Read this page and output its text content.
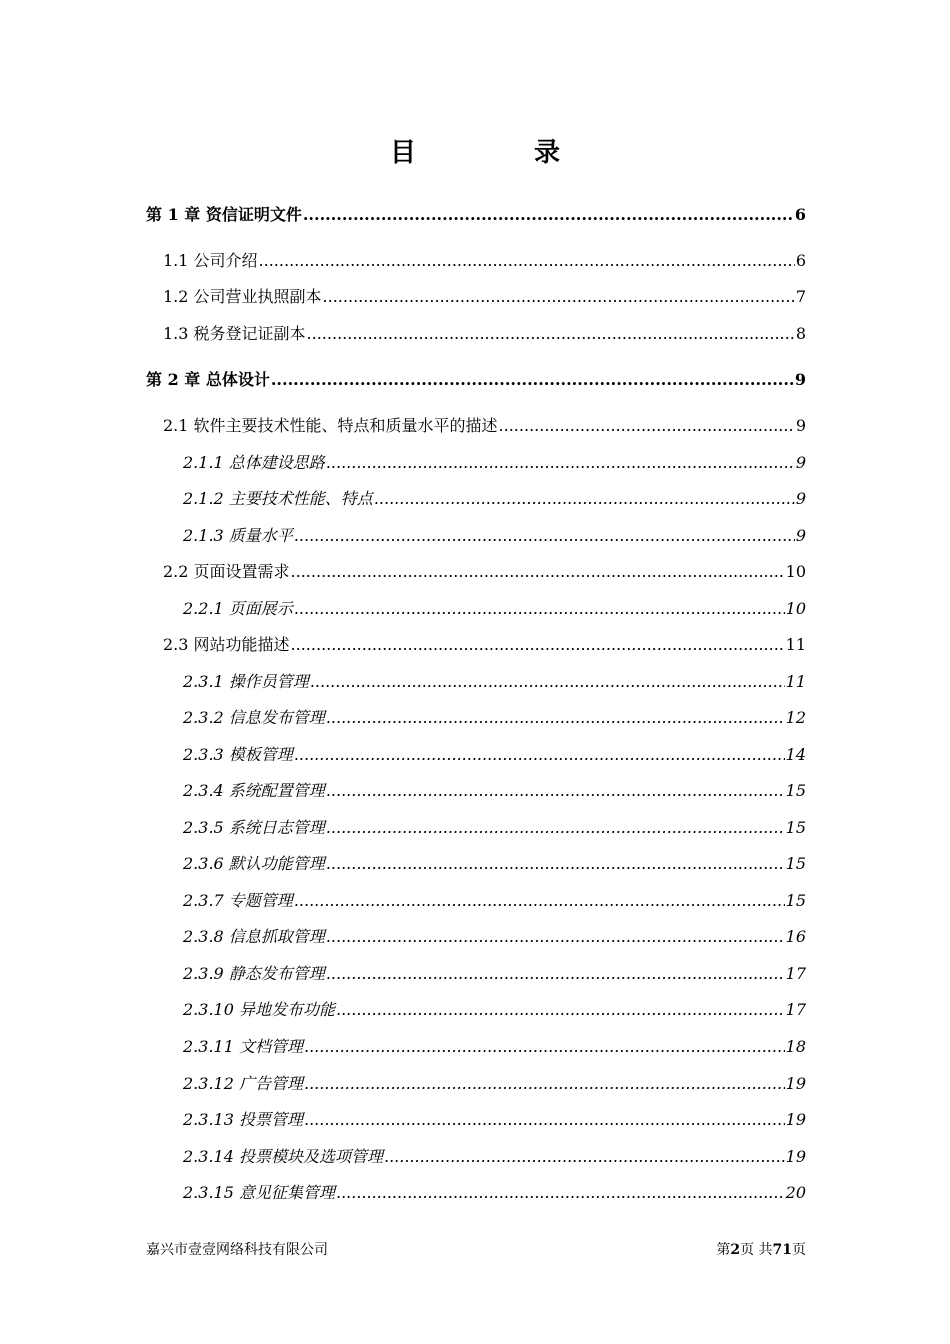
目	录
第 1 章 资信证明文件 .....	6
1.1 公司介绍 .....	6
1.2 公司营业执照副本 .....	7
1.3 税务登记证副本 .....	8
第 2 章 总体设计 .....	9
2.1 软件主要技术性能、特点和质量水平的描述 .....	9
2.1.1 总体建设思路 .....	9
2.1.2 主要技术性能、特点 .....	9
2.1.3 质量水平 .....	9
2.2 页面设置需求 .....	10
2.2.1 页面展示 .....	10
2.3 网站功能描述 .....	11
2.3.1 操作员管理 .....	11
2.3.2 信息发布管理 .....	12
2.3.3 模板管理 .....	14
2.3.4 系统配置管理 .....	15
2.3.5 系统日志管理 .....	15
2.3.6 默认功能管理 .....	15
2.3.7 专题管理 .....	15
2.3.8 信息抓取管理 .....	16
2.3.9 静态发布管理 .....	17
2.3.10 异地发布功能 .....	17
2.3.11 文档管理 .....	18
2.3.12 广告管理 .....	19
2.3.13 投票管理 .....	19
2.3.14 投票模块及选项管理 .....	19
2.3.15 意见征集管理 .....	20
嘉兴市壹壹网络科技有限公司	第2页 共71页
